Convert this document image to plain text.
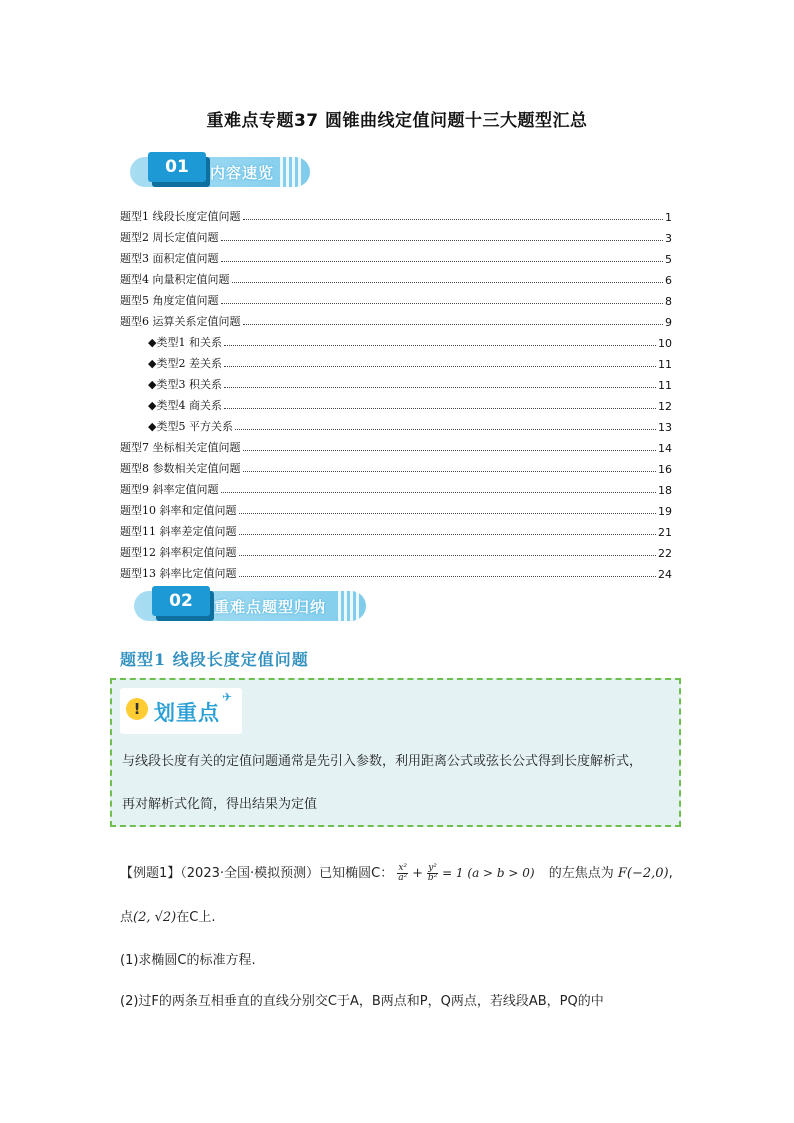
重难点专题37 圆锥曲线定值问题十三大题型汇总
01	内容速览
题型1 线段长度定值问题	1
题型2 周长定值问题	3
题型3 面积定值问题	5
题型4 向量积定值问题	6
题型5 角度定值问题	8
题型6 运算关系定值问题	9
◆类型1 和关系	10
◆类型2 差关系	11
◆类型3 积关系	11
◆类型4 商关系	12
◆类型5 平方关系	13
题型7 坐标相关定值问题	14
题型8 参数相关定值问题	16
题型9 斜率定值问题	18
题型10 斜率和定值问题	19
题型11 斜率差定值问题	21
题型12 斜率积定值问题	22
题型13 斜率比定值问题	24
02	重难点题型归纳
题型1 线段长度定值问题
! 划重点
✈
与线段长度有关的定值问题通常是先引入参数，利用距离公式或弦长公式得到长度解析式，
再对解析式化简，得出结果为定值
【例题1】（2023·全国·模拟预测）已知椭圆C： $\frac{\text{x²}}{\text{a²}} + \frac{\text{y²}}{\text{b²}} = 1$ (a > b > 0) 的左焦点为 F(−2,0),
点(2, √2)在C上.
(1)求椭圆C的标准方程.
(2)过F的两条互相垂直的直线分别交C于A，B两点和P，Q两点，若线段AB，PQ的中
